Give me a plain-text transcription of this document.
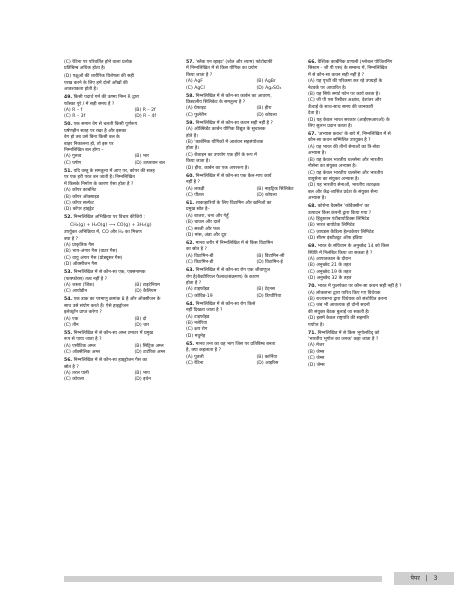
(C) रेटिना पर परिवर्तित होने वाला प्रत्येक
प्रतिबिम्ब अधिक होता है।
(D) पक्षुओं की शारीरिक विशेषता की सही
परख करने के लिए हमें दोनों आँखों की
आवश्यकता होती है।
49. किसी पदार्थ गर्म की ऊष्मा निम्न R द्वारा
फॉस्का पूरे / में सही समय है ?
(A) R – f	(B) R – 2f
(C) R – 3f	(D) R – 4f
50. एक समान वेग से चलती किसी पूर्णरूप
घर्षणहीन सतह पर रखा है और इसका
वेग हो तब उसे बिना किसी बल के
बाहर निकालना हो, तो इस पर
निम्नलिखित बल होगा –
(A) गुरुत्व	(B) भार
(C) घर्षण	(D) उत्प्लावन बल
51. यदि वस्तु के समतुल्य में आए पर, कोपर की सतह
पर एक हरी परत बन जाती है। निम्नलिखित
में किसके निर्माण के कारण ऐसा होता है ?
(A) कॉपर कार्बोनेट
(B) कॉपर ऑक्साइड
(C) कॉपर सल्फेट
(D) कॉपर हाइड्रेट
52. निम्नलिखित अभिक्रिया पर विचार कीजिये :
CH₄(g) + H₂O(g) ⟶ CO(g) + 3H₂(g)
उपर्युक्त अभिक्रिया में, CO और H₂ का मिश्रण
क्या है ?
(A) प्राकृतिक गैस
(B) भाप-अंगार गैस (वाटर गैस)
(C) वायु अंगार गैस (प्रोड्यूसर गैस)
(D) ऑक्सीजन गैस
53. निम्नलिखित में से कौन-सा एक, एक्सनामक
(फास्फोरस) तत्व नहीं है ?
(A) जस्ता (जिंक)	(B) टाइटेनियम
(C) आयोडीन	(D) कैलियम
54. एक डाक का परमाणु क्रमांक 8 है और ऑक्सीजन के
साथ उसे संयोग करते हैं। ऐसे हाइड्रोजन
इलेक्ट्रॉन प्राप्त करेगा ?
(A) एक	(B) दो
(C) तीन	(D) चार
55. निम्नलिखित में से कौन-सा अम्ल टमाटर में प्रमुख
रूप से पाया जाता है ?
(A) एसीटिक अम्ल	(B) सिट्रिक अम्ल
(C) ऑक्सैलिक अम्ल	(D) टार्टरिक अम्ल
56. निम्नलिखित में से कौन-सा हाइड्रोजन गैस का
स्रोत है ?
(A) तरल पानी	(B) भाप
(C) कोयला	(D) इथेन
57. 'ब्लैक एन व्हाइट' (श्वेत और श्याम) फोटोग्राफी
में निम्नलिखित में से किस यौगिक का प्रयोग
किया जाता है ?
(A) AgF	(B) AgBr
(C) AgCl	(D) Ag₂SO₄
58. निम्नलिखित में से कौन-सा कार्बन का आवरण,
क्रिस्टलीय सिलिकेट के समतुल्य है ?
(A) ग्रेफाइट	(B) हीरा
(C) फुलेरीन	(D) कोयला
59. निम्नलिखित में से कौन-सा कथन सही नहीं है ?
(A) ऑक्सिडेंट कार्बन यौगिक विद्युत के सुचालक
होते हैं।
(B) 'कार्बनिक यौगिकों में आबंधन सहसंयोजक
होता है।
(C) बेंजाइन का उपयोग एक हीरे के रूप में
किया जाता है।
(D) हीरा, कार्बन का एक अपररूप है।
60. निम्नलिखित में से कौन-सा एक कैल-माप कार्य
नहीं है ?
(A) लकड़ी	(B) नाइट्रिक सिलिकेट
(C) पीतल	(D) कोयला
61. शाकाहारियों के लिए विटामिन और खनिजों का
प्रमुख स्रोत है–
(A) बाजरा, चना और गेहूँ
(B) चावल और दालें
(C) सब्जी और फल
(D) मांस, अंडा और दूध
62. मानव शरीर में निम्नलिखित में से किस विटामिन
का स्रोत है ?
(A) विटामिन-बी	(B) विटामिन-सी
(C) विटामिन-डी	(D) विटामिन-ई
63. निम्नलिखित में से कौन-सा रोग एक जीवाणुज
रोग है(बैक्टीरियल फैलाव/संक्रमण) के कारण
होता है ?
(A) टाइफॉइड	(B) टेट्नस
(C) कोविड-19	(D) डिप्थीरिया
64. निम्नलिखित में से कौन-सा रोग किसे
नहीं दिखता जाता है ?
(A) टाइफॉइड
(B) मलेरिया
(C) क्षय रोग
(D) मधुमेह
65. मानव तन्त्र का वह भाग जिस पर प्रतिबिम्ब बनता
है, क्या कहलाता है ?
(A) पुतली	(B) कार्निया
(C) रेटिना	(D) आइरिस
66. वैश्विक कार्बनिक प्रणाली (ग्लोबल पोजिशनिंग
सिस्टम - जी पी एस) के सम्बन्ध में, निम्नलिखित
में से कौन-सा कथन सही नहीं है ?
(A) यह पृथ्वी की परिक्रमा कर रहे उपग्रहों के
नेटवर्क पर आधारित है।
(B) यह सिर्फ स्मार्ट फोन पर कार्य करता है।
(C) जी पी एस रिसीवर अक्षांश, देशांतर और
ऊँचाई के साथ-साथ समय की जानकारी
देता है।
(D) यह केवल भारत सरकार (आईएसआरओ) के
लिए सुलभ प्रदान करता है।
67. 'अभ्यास कवच' के बारे में, निम्नलिखित में से
कौन-सा कथन सम्मिलित उपयुक्त है ?
(A) यह भारत की तीनों सेनाओं का त्रि-सेवा
अभ्यास है।
(B) यह केवल भारतीय थलसेना और भारतीय
नौसेना का संयुक्त अभ्यास है।
(C) यह केवल भारतीय थलसेना और भारतीय
वायुसेना का संयुक्त अभ्यास है।
(D) यह भारतीय सेनाओं, भारतीय तटरक्षक
बल और केंद्र-शासित प्रदेश के संयुक्त सैन्य
अभ्यास है।
68. कोरोना वैक्सीन 'कोवैक्सीन' का
उत्पादन किस कंपनी द्वारा किया गया ?
(A) हिंदुस्तान एंटीबायोटिक्स लिमिटेड
(B) भारत बायोटेक लिमिटेड
(C) ज़ायडस कैडिला हेल्थकेयर लिमिटेड
(D) सीरम इंस्टीट्यूट ऑफ इंडिया
69. भारत के संविधान के अनुच्छेद 14 को किस
स्थिति में निलंबित किया जा सकता है ?
(A) आपातकाल के दौरान
(B) अनुच्छेद 21 के तहत
(C) अनुच्छेद 19 के तहत
(D) अनुच्छेद 32 के तहत
70. भारत में फुलपेकर पर कौन-सा कथन सही नहीं है ?
(A) लोकसभा द्वारा पारित किए गए विधेयक
(B) राज्यसभा द्वारा विधेयक को संशोधित करना
(C) जब भी आवश्यक हो दोनों सदनों
की संयुक्त बैठक बुलाई जा सकती है।
(D) इसमें केवल राष्ट्रपति की सहमति
पर्याप्त है।
71. निम्नलिखित में से किस भूगोलविद् को
'भारतीय भूगोल का जनक' कहा जाता है ?
(A) मेजर
(B) जेम्स
(C) जेम्स
(D) जेम्स
पेपर | 3
